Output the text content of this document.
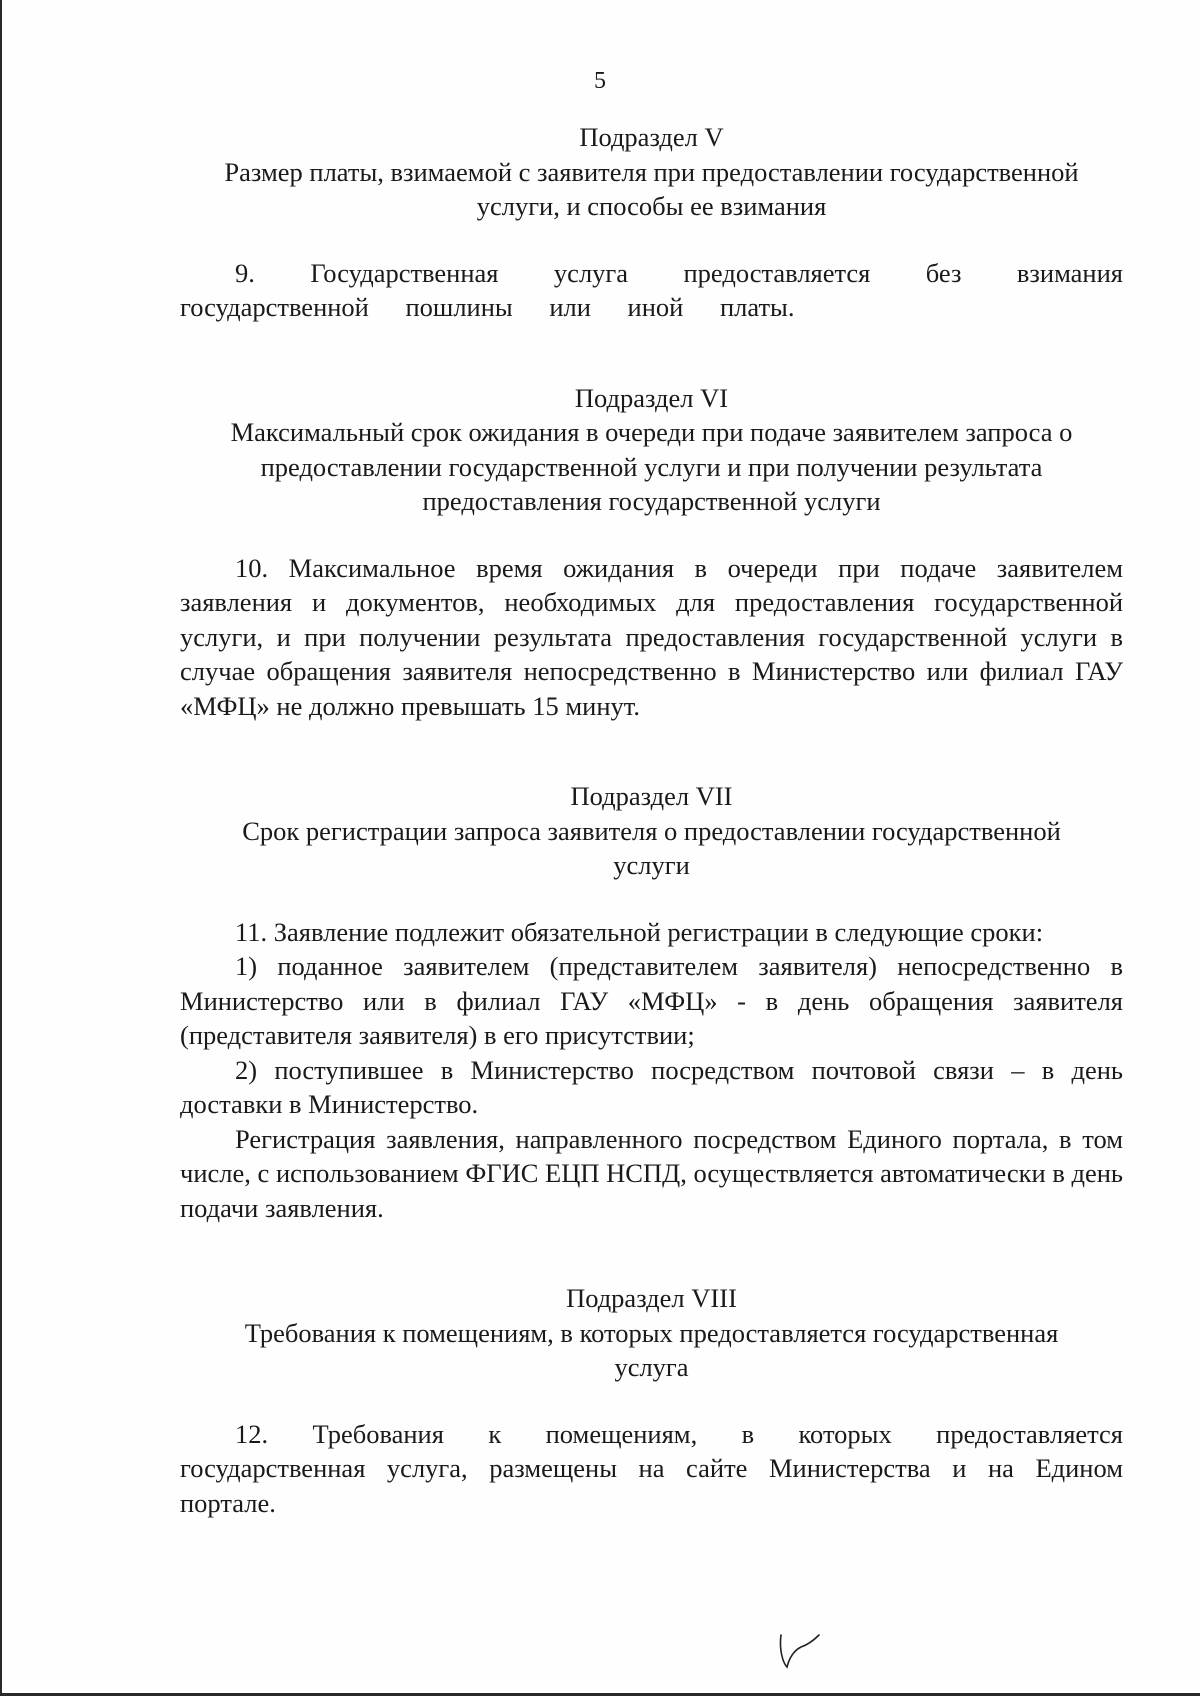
5
Подраздел V
Размер платы, взимаемой с заявителя при предоставлении государственной
услуги, и способы ее взимания

9. Государственная услуга предоставляется без взимания государственной пошлины или иной платы.

Подраздел VI
Максимальный срок ожидания в очереди при подаче заявителем запроса о
предоставлении государственной услуги и при получении результата
предоставления государственной услуги

10. Максимальное время ожидания в очереди при подаче заявителем заявления и документов, необходимых для предоставления государственной услуги, и при получении результата предоставления государственной услуги в случае обращения заявителя непосредственно в Министерство или филиал ГАУ «МФЦ» не должно превышать 15 минут.

Подраздел VII
Срок регистрации запроса заявителя о предоставлении государственной
услуги

11. Заявление подлежит обязательной регистрации в следующие сроки:

1) поданное заявителем (представителем заявителя) непосредственно в Министерство или в филиал ГАУ «МФЦ» - в день обращения заявителя (представителя заявителя) в его присутствии;

2) поступившее в Министерство посредством почтовой связи – в день доставки в Министерство.

Регистрация заявления, направленного посредством Единого портала, в том числе, с использованием ФГИС ЕЦП НСПД, осуществляется автоматически в день подачи заявления.

Подраздел VIII
Требования к помещениям, в которых предоставляется государственная
услуга

12. Требования к помещениям, в которых предоставляется государственная услуга, размещены на сайте Министерства и на Едином портале.
